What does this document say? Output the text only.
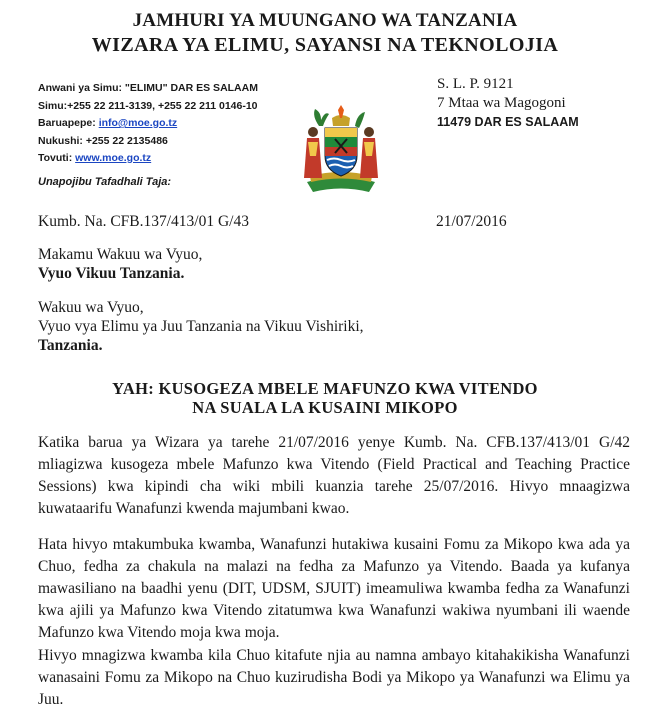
JAMHURI YA MUUNGANO WA TANZANIA
WIZARA YA ELIMU, SAYANSI NA TEKNOLOJIA
Anwani ya Simu: "ELIMU" DAR ES SALAAM
Simu:+255 22 211-3139, +255 22 211 0146-10
Baruapepe: info@moe.go.tz
Nukushi: +255 22 2135486
Tovuti: www.moe.go.tz
S. L. P. 9121
7 Mtaa wa Magogoni
11479 DAR ES SALAAM
Unapojibu Tafadhali Taja:
Kumb. Na. CFB.137/413/01 G/43	21/07/2016
Makamu Wakuu wa Vyuo,
Vyuo Vikuu Tanzania.
Wakuu wa Vyuo,
Vyuo vya Elimu ya Juu Tanzania na Vikuu Vishiriki,
Tanzania.
YAH: KUSOGEZA MBELE MAFUNZO KWA VITENDO
NA SUALA LA KUSAINI MIKOPO

Katika barua ya Wizara ya tarehe 21/07/2016 yenye Kumb. Na. CFB.137/413/01 G/42 mliagizwa kusogeza mbele Mafunzo kwa Vitendo (Field Practical and Teaching Practice Sessions) kwa kipindi cha wiki mbili kuanzia tarehe 25/07/2016. Hivyo mnaagizwa kuwataarifu Wanafunzi kwenda majumbani kwao.

Hata hivyo mtakumbuka kwamba, Wanafunzi hutakiwa kusaini Fomu za Mikopo kwa ada ya Chuo, fedha za chakula na malazi na fedha za Mafunzo ya Vitendo. Baada ya kufanya mawasiliano na baadhi yenu (DIT, UDSM, SJUIT) imeamuliwa kwamba fedha za Wanafunzi kwa ajili ya Mafunzo kwa Vitendo zitatumwa kwa Wanafunzi wakiwa nyumbani ili waende Mafunzo kwa Vitendo moja kwa moja.

Hivyo mnagizwa kwamba kila Chuo kitafute njia au namna ambayo kitahakikisha Wanafunzi wanasaini Fomu za Mikopo na Chuo kuzirudisha Bodi ya Mikopo ya Wanafunzi wa Elimu ya Juu.
